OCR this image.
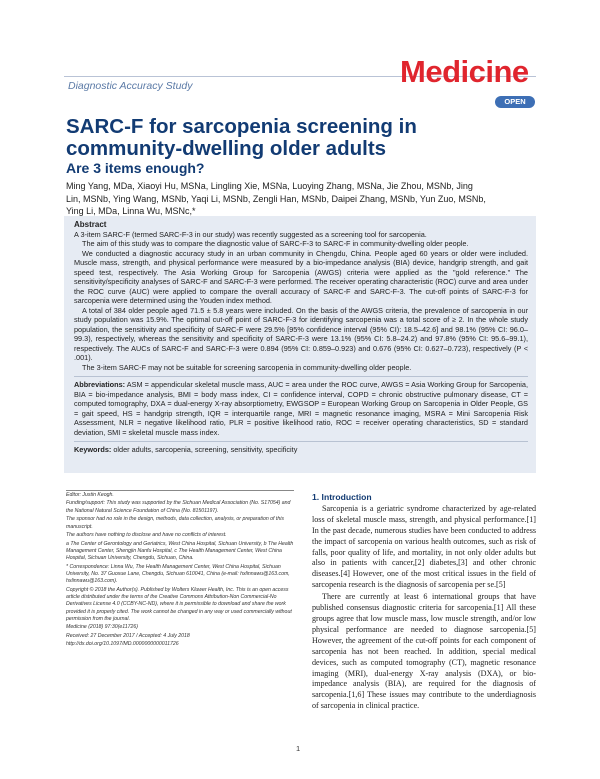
Diagnostic Accuracy Study	Medicine
OPEN
SARC-F for sarcopenia screening in community-dwelling older adults
Are 3 items enough?
Ming Yang, MDa, Xiaoyi Hu, MSNa, Lingling Xie, MSNa, Luoying Zhang, MSNa, Jie Zhou, MSNb, Jing Lin, MSNb, Ying Wang, MSNb, Yaqi Li, MSNb, Zengli Han, MSNb, Daipei Zhang, MSNb, Yun Zuo, MSNb, Ying Li, MDa, Linna Wu, MSNc,*
Abstract

A 3-item SARC-F (termed SARC-F-3 in our study) was recently suggested as a screening tool for sarcopenia.

The aim of this study was to compare the diagnostic value of SARC-F-3 to SARC-F in community-dwelling older people.

We conducted a diagnostic accuracy study in an urban community in Chengdu, China. People aged 60 years or older were included. Muscle mass, strength, and physical performance were measured by a bio-impedance analysis (BIA) device, handgrip strength, and gait speed test, respectively. The Asia Working Group for Sarcopenia (AWGS) criteria were applied as the "gold reference." The sensitivity/specificity analyses of SARC-F and SARC-F-3 were performed. The receiver operating characteristic (ROC) curve and area under the ROC curve (AUC) were applied to compare the overall accuracy of SARC-F and SARC-F-3. The cut-off points of SARC-F-3 for sarcopenia were determined using the Youden index method.

A total of 384 older people aged 71.5 ± 5.8 years were included. On the basis of the AWGS criteria, the prevalence of sarcopenia in our study population was 15.9%. The optimal cut-off point of SARC-F-3 for identifying sarcopenia was a total score of ≥ 2. In the whole study population, the sensitivity and specificity of SARC-F were 29.5% [95% confidence interval (95% CI): 18.5–42.6] and 98.1% (95% CI: 96.0–99.3), respectively, whereas the sensitivity and specificity of SARC-F-3 were 13.1% (95% CI: 5.8–24.2) and 97.8% (95% CI: 95.6–99.1), respectively. The AUCs of SARC-F and SARC-F-3 were 0.894 (95% CI: 0.859–0.923) and 0.676 (95% CI: 0.627–0.723), respectively (P < .001).

The 3-item SARC-F may not be suitable for screening sarcopenia in community-dwelling older people.

Abbreviations: ASM = appendicular skeletal muscle mass, AUC = area under the ROC curve, AWGS = Asia Working Group for Sarcopenia, BIA = bio-impedance analysis, BMI = body mass index, CI = confidence interval, COPD = chronic obstructive pulmonary disease, CT = computed tomography, DXA = dual-energy X-ray absorptiometry, EWGSOP = European Working Group on Sarcopenia in Older People, GS = gait speed, HS = handgrip strength, IQR = interquartile range, MRI = magnetic resonance imaging, MSRA = Mini Sarcopenia Risk Assessment, NLR = negative likelihood ratio, PLR = positive likelihood ratio, ROC = receiver operating characteristics, SD = standard deviation, SMI = skeletal muscle mass index.
Keywords: older adults, sarcopenia, screening, sensitivity, specificity

Editor: Justin Keogh.

Funding/support: This study was supported by the Sichuan Medical Association (No. S17054) and the National Natural Science Foundation of China (No. 81501197).

The sponsor had no role in the design, methods, data collection, analysis, or preparation of this manuscript.

The authors have nothing to disclose and have no conflicts of interest.

a The Center of Gerontology and Geriatrics, West China Hospital, Sichuan University, b The Health Management Center, Shengjin Nanfu Hospital, c The Health Management Center, West China Hospital, Sichuan University, Chengdu, Sichuan, China.

* Correspondence: Linna Wu, The Health Management Center, West China Hospital, Sichuan University, No. 37 Guoxue Lane, Chengdu, Sichuan 610041, China (e-mail: hxlinnawu@163.com, hxlinnawu@163.com).

Copyright © 2018 the Author(s). Published by Wolters Kluwer Health, Inc. This is an open access article distributed under the terms of the Creative Commons Attribution-Non Commercial-No Derivatives License 4.0 (CCBY-NC-ND), where it is permissible to download and share the work provided it is properly cited. The work cannot be changed in any way or used commercially without permission from the journal.

Medicine (2018) 97:30(e11726)

Received: 27 December 2017 / Accepted: 4 July 2018

http://dx.doi.org/10.1097/MD.0000000000011726

1. Introduction

Sarcopenia is a geriatric syndrome characterized by age-related loss of skeletal muscle mass, strength, and physical performance.[1] In the past decade, numerous studies have been conducted to address the impact of sarcopenia on various health outcomes, such as risk of falls, poor quality of life, and mortality, in not only older adults but also in patients with cancer,[2] diabetes,[3] and other chronic diseases.[4] However, one of the most critical issues in the field of sarcopenia research is the diagnosis of sarcopenia per se.[5]

There are currently at least 6 international groups that have published consensus diagnostic criteria for sarcopenia.[1] All these groups agree that low muscle mass, low muscle strength, and/or low physical performance are needed to diagnose sarcopenia.[5] However, the agreement of the cut-off points for each component of sarcopenia has not been reached. In addition, special medical devices, such as computed tomography (CT), magnetic resonance imaging (MRI), dual-energy X-ray analysis (DXA), or bio-impedance analysis (BIA), are required for the diagnosis of sarcopenia.[1,6] These issues may contribute to the underdiagnosis of sarcopenia in clinical practice.

1
